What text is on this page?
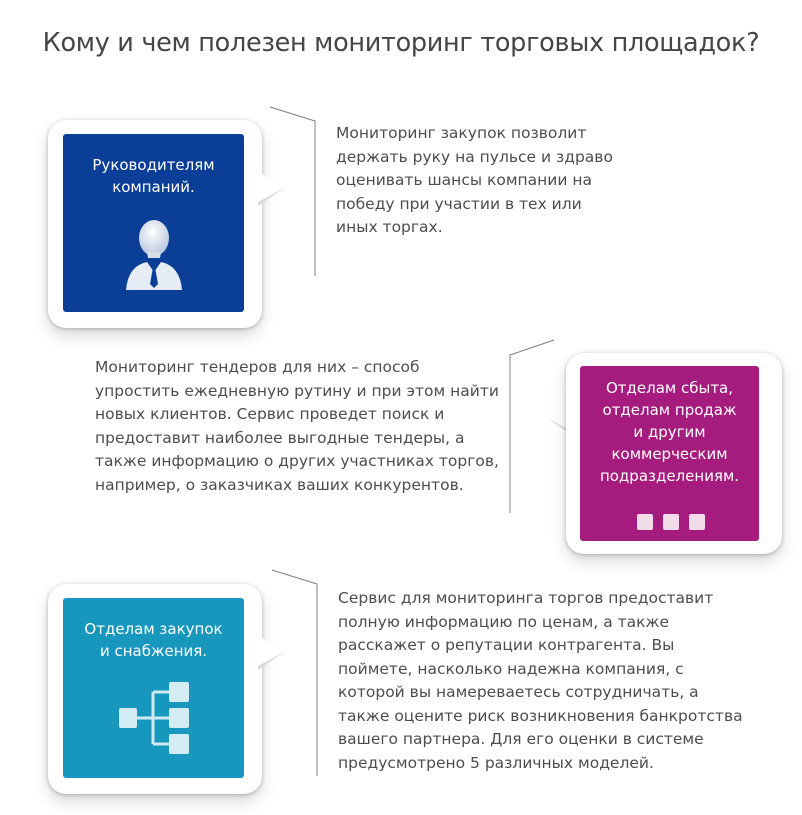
Кому и чем полезен мониторинг торговых площадок?
Руководителям
компаний.
Мониторинг закупок позволит
держать руку на пульсе и здраво
оценивать шансы компании на
победу при участии в тех или
иных торгах.
Мониторинг тендеров для них – способ
упростить ежедневную рутину и при этом найти
новых клиентов. Сервис проведет поиск и
предоставит наиболее выгодные тендеры, а
также информацию о других участниках торгов,
например, о заказчиках ваших конкурентов.
Отделам сбыта,
отделам продаж
и другим
коммерческим
подразделениям.
Отделам закупок
и снабжения.
Сервис для мониторинга торгов предоставит
полную информацию по ценам, а также
расскажет о репутации контрагента. Вы
поймете, насколько надежна компания, с
которой вы намереваетесь сотрудничать, а
также оцените риск возникновения банкротства
вашего партнера. Для его оценки в системе
предусмотрено 5 различных моделей.
